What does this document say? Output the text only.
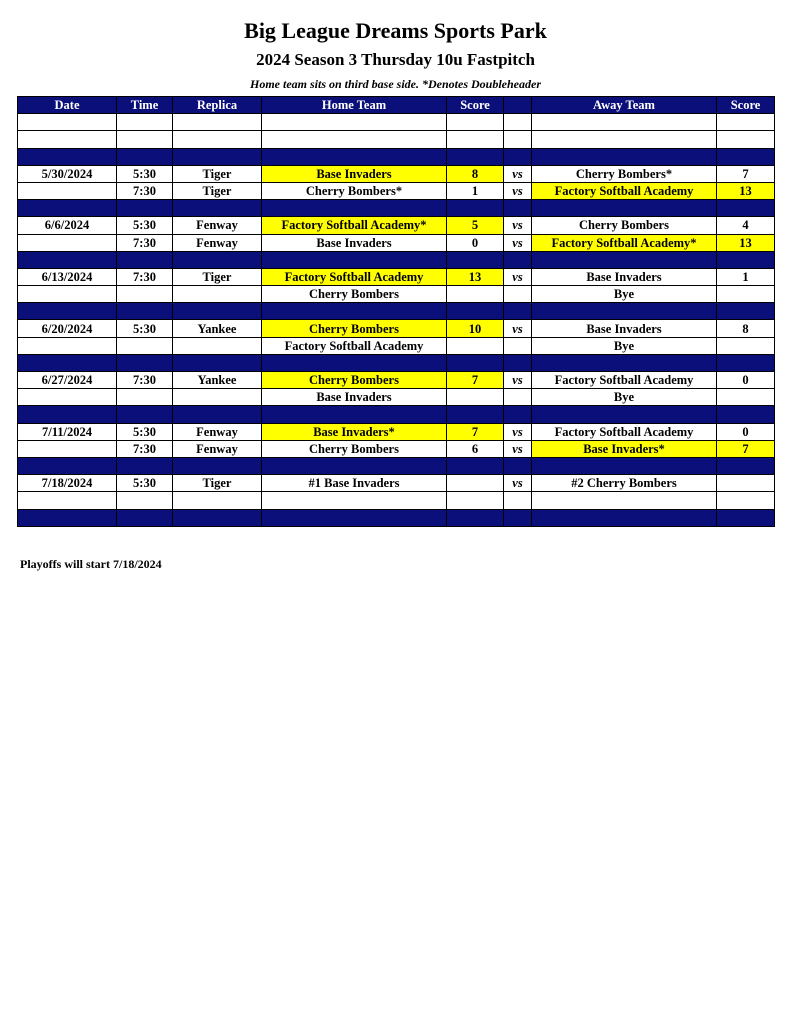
Big League Dreams Sports Park
2024 Season 3 Thursday 10u Fastpitch
Home team sits on third base side. *Denotes Doubleheader
Date	Time	Replica	Home Team	Score		Away Team	Score

5/30/2024	5:30	Tiger	Base Invaders	8	vs	Cherry Bombers*	7
	7:30	Tiger	Cherry Bombers*	1	vs	Factory Softball Academy	13

6/6/2024	5:30	Fenway	Factory Softball Academy*	5	vs	Cherry Bombers	4
	7:30	Fenway	Base Invaders	0	vs	Factory Softball Academy*	13

6/13/2024	7:30	Tiger	Factory Softball Academy	13	vs	Base Invaders	1
			Cherry Bombers			Bye	

6/20/2024	5:30	Yankee	Cherry Bombers	10	vs	Base Invaders	8
			Factory Softball Academy			Bye	

6/27/2024	7:30	Yankee	Cherry Bombers	7	vs	Factory Softball Academy	0
			Base Invaders			Bye	

7/11/2024	5:30	Fenway	Base Invaders*	7	vs	Factory Softball Academy	0
	7:30	Fenway	Cherry Bombers	6	vs	Base Invaders*	7

7/18/2024	5:30	Tiger	#1 Base Invaders		vs	#2 Cherry Bombers	

Playoffs will start 7/18/2024
